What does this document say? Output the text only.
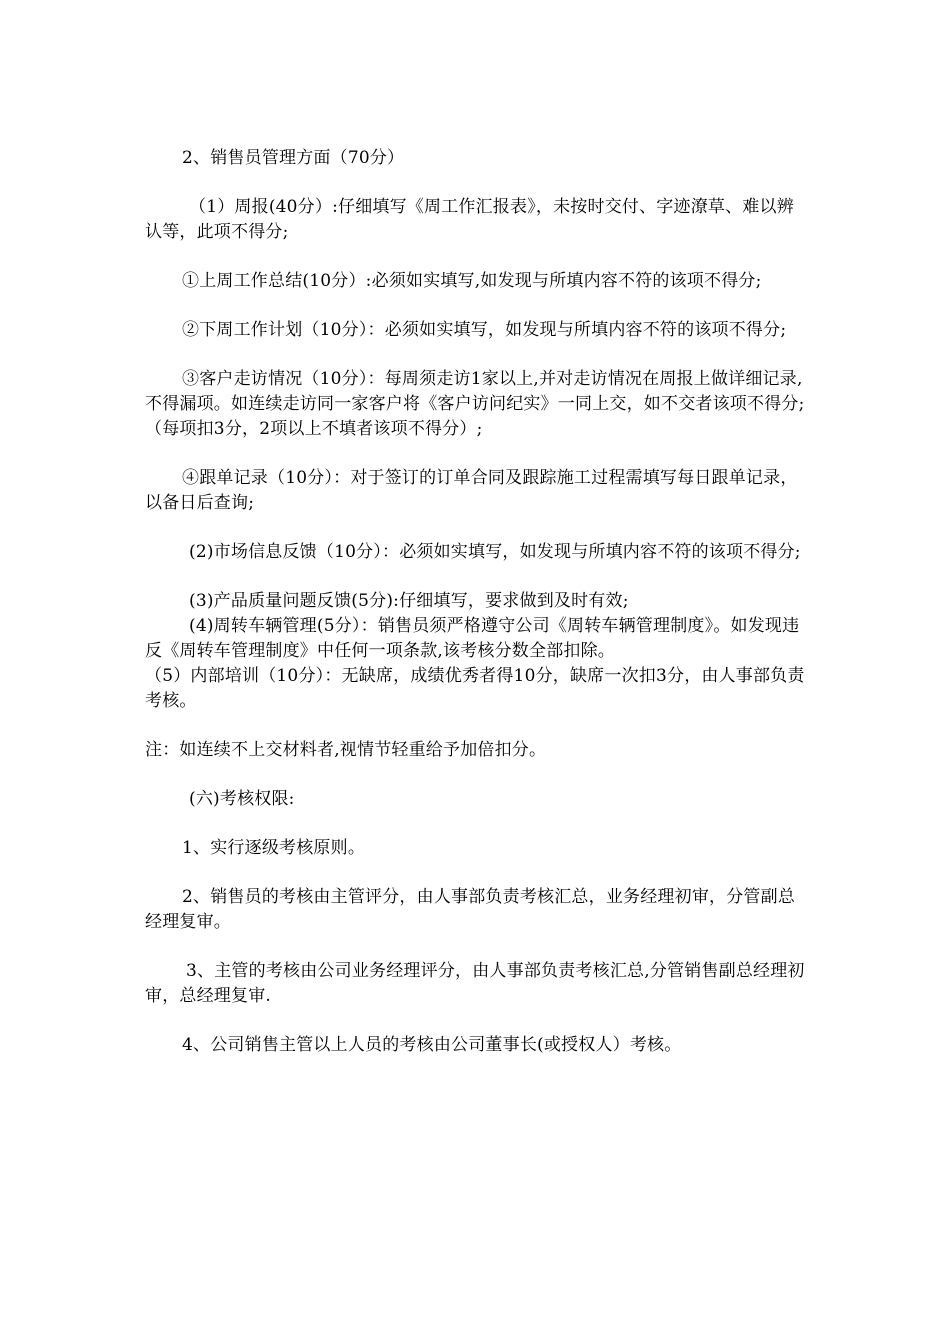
2、销售员管理方面（70分）

（1）周报(40分）:仔细填写《周工作汇报表》，未按时交付、字迹潦草、难以辨认等，此项不得分;

①上周工作总结(10分）:必须如实填写,如发现与所填内容不符的该项不得分;

②下周工作计划（10分）：必须如实填写，如发现与所填内容不符的该项不得分;

③客户走访情况（10分）：每周须走访1家以上,并对走访情况在周报上做详细记录,不得漏项。如连续走访同一家客户将《客户访问纪实》一同上交，如不交者该项不得分;（每项扣3分，2项以上不填者该项不得分）;

④跟单记录（10分）：对于签订的订单合同及跟踪施工过程需填写每日跟单记录，以备日后查询;

(2)市场信息反馈（10分）：必须如实填写，如发现与所填内容不符的该项不得分;

(3)产品质量问题反馈(5分):仔细填写，要求做到及时有效;

(4)周转车辆管理(5分）：销售员须严格遵守公司《周转车辆管理制度》。如发现违反《周转车管理制度》中任何一项条款,该考核分数全部扣除。

（5）内部培训（10分）：无缺席，成绩优秀者得10分，缺席一次扣3分，由人事部负责考核。

注：如连续不上交材料者,视情节轻重给予加倍扣分。

(六)考核权限:

1、实行逐级考核原则。

2、销售员的考核由主管评分，由人事部负责考核汇总，业务经理初审，分管副总经理复审。

3、主管的考核由公司业务经理评分，由人事部负责考核汇总,分管销售副总经理初审，总经理复审.

4、公司销售主管以上人员的考核由公司董事长(或授权人）考核。
